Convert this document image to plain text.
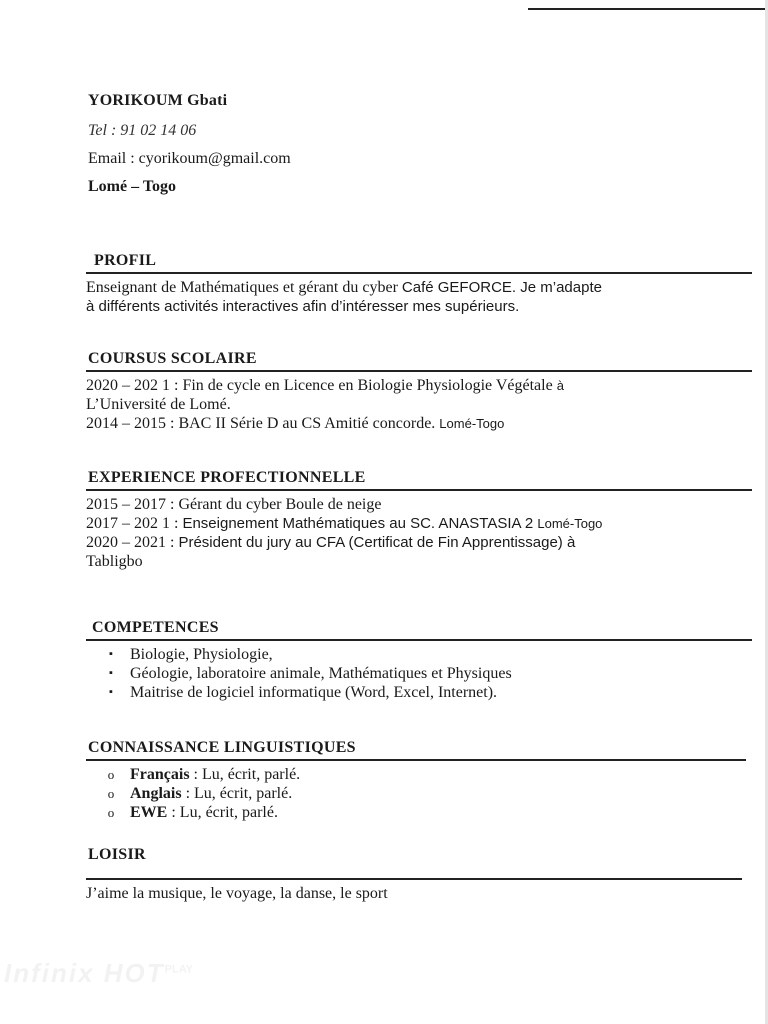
YORIKOUM Gbati
Tel : 91 02 14 06
Email : cyorikoum@gmail.com
Lomé – Togo
PROFIL
Enseignant de Mathématiques et gérant du cyber Café GEFORCE. Je m’adapte
à différents activités interactives afin d’intéresser mes supérieurs.
COURSUS SCOLAIRE
2020 – 202 1 : Fin de cycle en Licence en Biologie Physiologie Végétale à
L’Université de Lomé.
2014 – 2015 : BAC II Série D au CS Amitié concorde. Lomé-Togo
EXPERIENCE PROFECTIONNELLE
2015 – 2017 : Gérant du cyber Boule de neige
2017 – 202 1 : Enseignement Mathématiques au SC. ANASTASIA 2 Lomé-Togo
2020 – 2021 : Président du jury au CFA (Certificat de Fin Apprentissage) à
Tabligbo
COMPETENCES
▪	Biologie, Physiologie,
▪	Géologie, laboratoire animale, Mathématiques et Physiques
▪	Maitrise de logiciel informatique (Word, Excel, Internet).
CONNAISSANCE LINGUISTIQUES
o Français : Lu, écrit, parlé.
o Anglais : Lu, écrit, parlé.
o EWE : Lu, écrit, parlé.
LOISIR
J’aime la musique, le voyage, la danse, le sport
Infinix $HOT^{PLAY}$
